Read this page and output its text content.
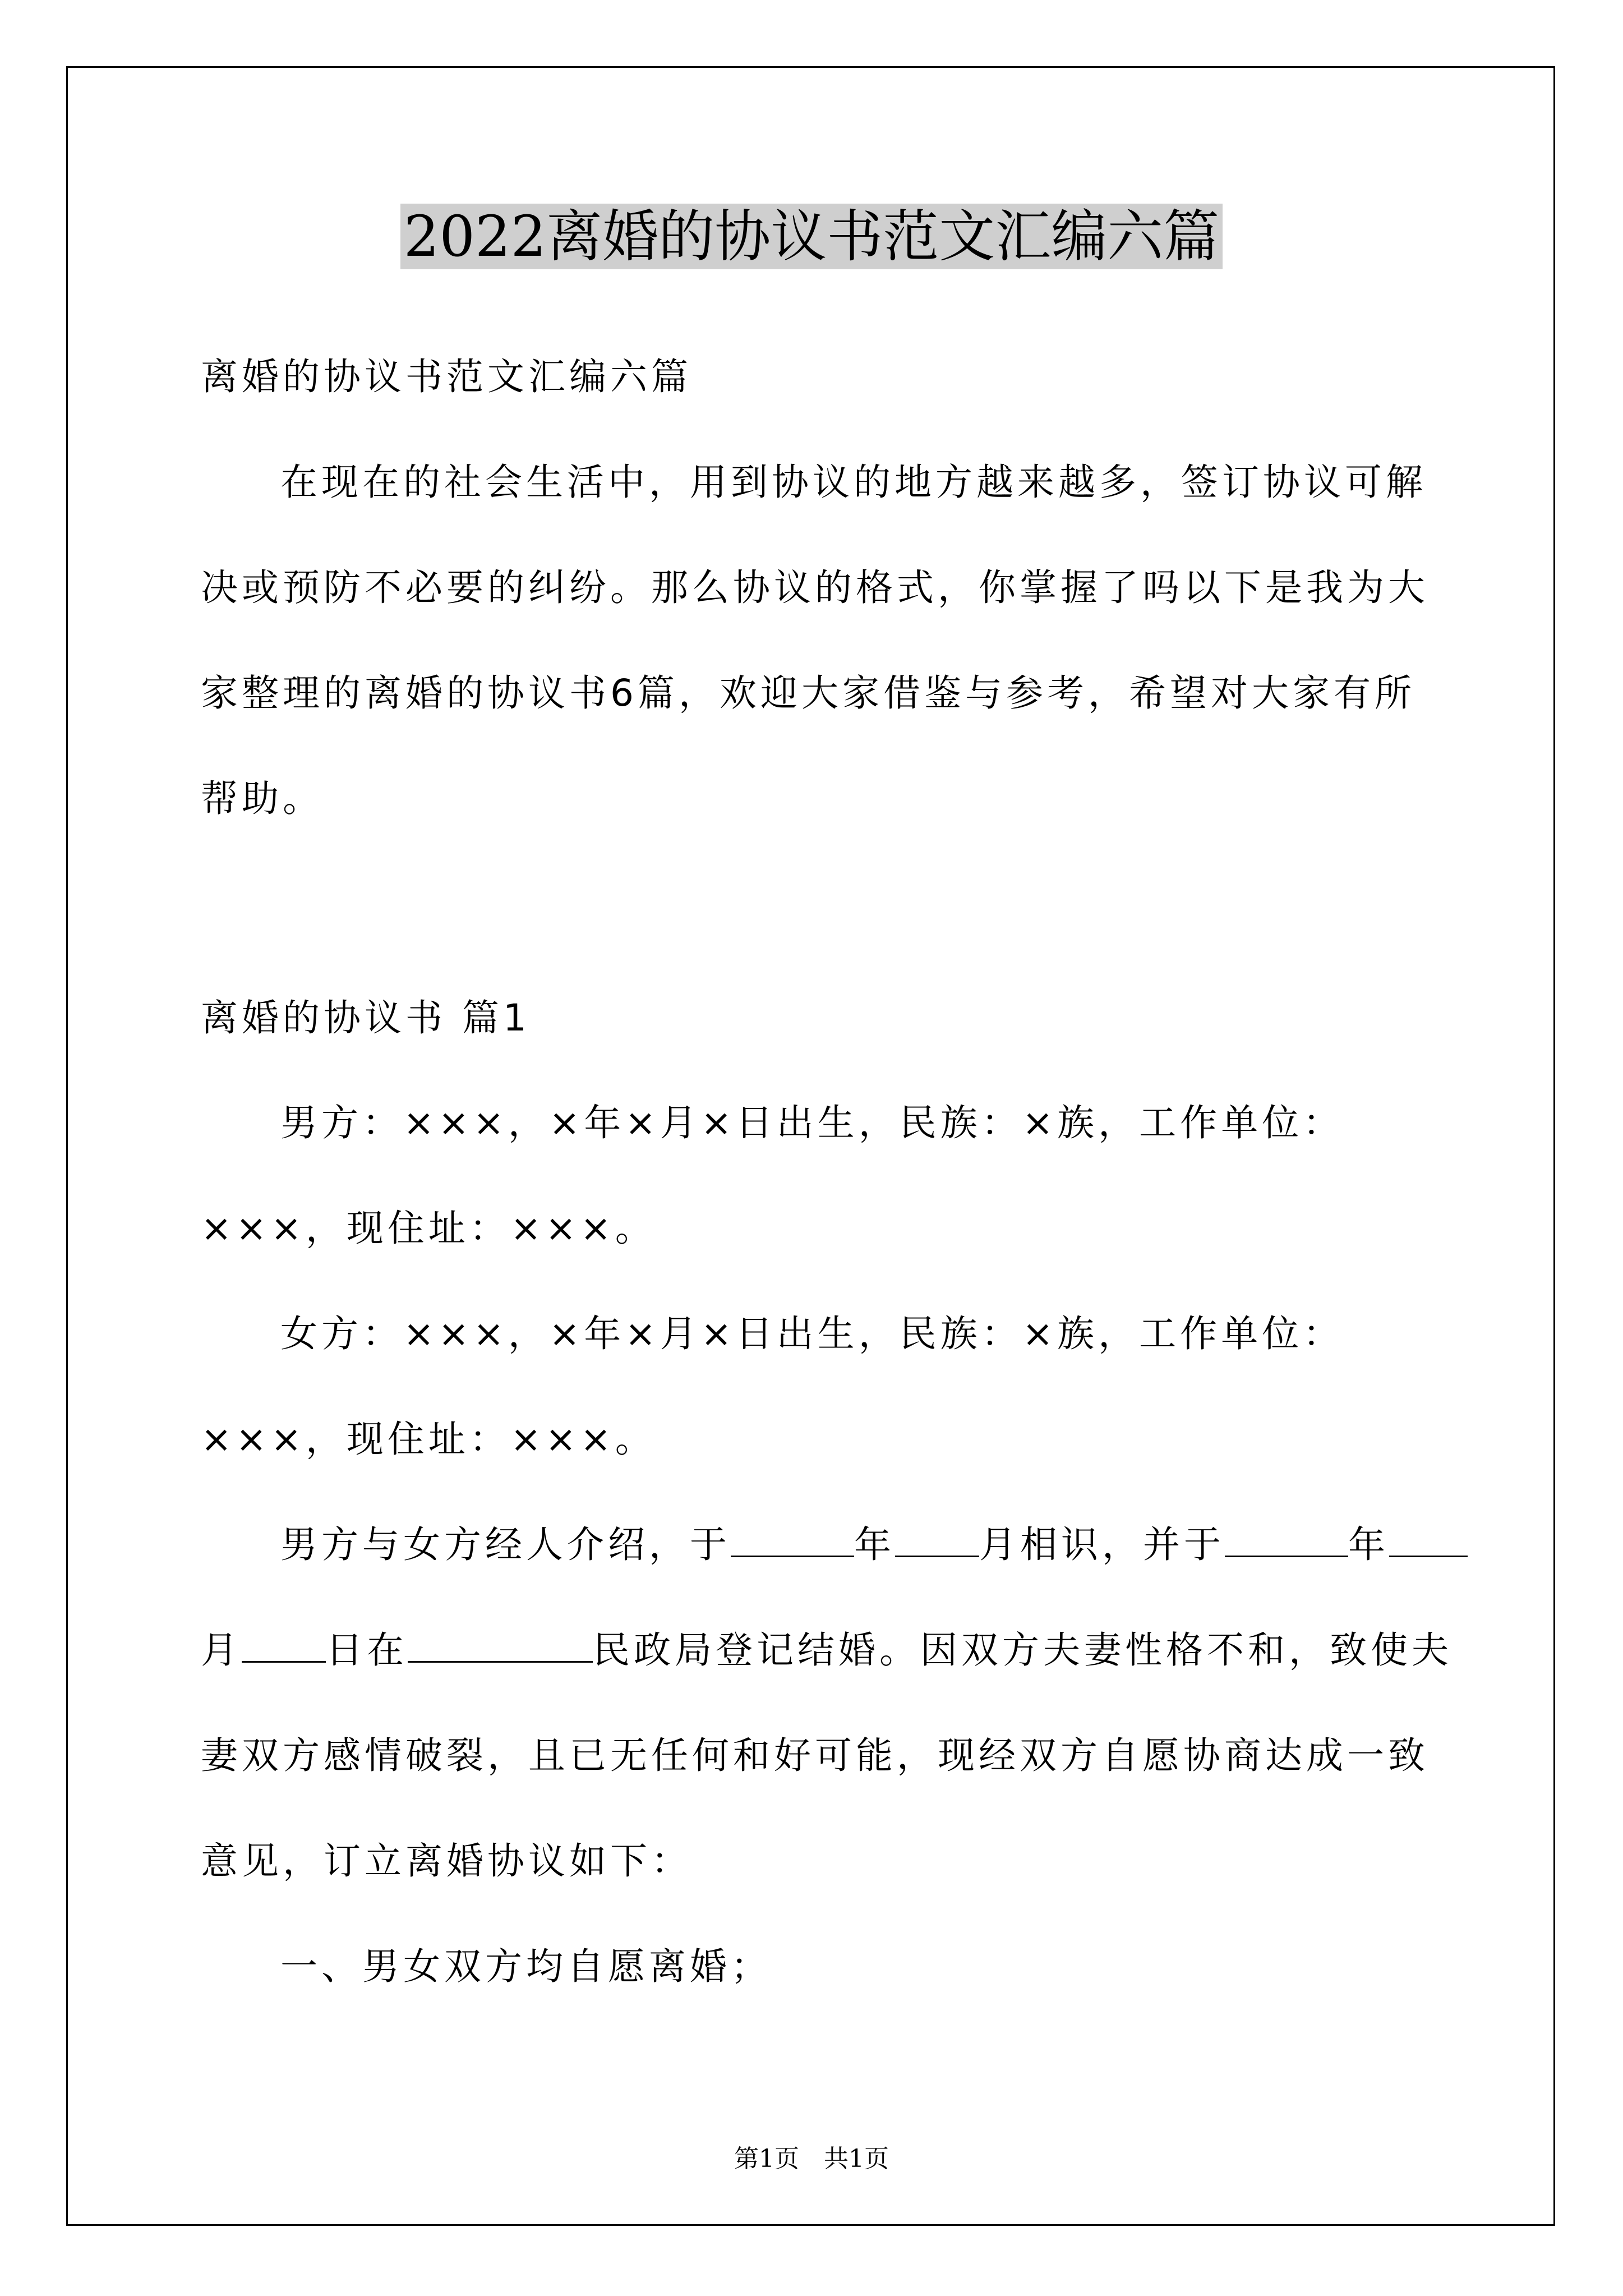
2022离婚的协议书范文汇编六篇
离婚的协议书范文汇编六篇
在现在的社会生活中，用到协议的地方越来越多，签订协议可解
决或预防不必要的纠纷。那么协议的格式，你掌握了吗以下是我为大
家整理的离婚的协议书6篇，欢迎大家借鉴与参考，希望对大家有所
帮助。
离婚的协议书 篇1
男方：×××，×年×月×日出生，民族：×族，工作单位：
×××，现住址：×××。
女方：×××，×年×月×日出生，民族：×族，工作单位：
×××，现住址：×××。
男方与女方经人介绍，于	年 月相识，并于	年
月 日在	民政局登记结婚。因双方夫妻性格不和，致使夫
妻双方感情破裂，且已无任何和好可能，现经双方自愿协商达成一致
意见，订立离婚协议如下：
一、男女双方均自愿离婚；
第1页　共1页
